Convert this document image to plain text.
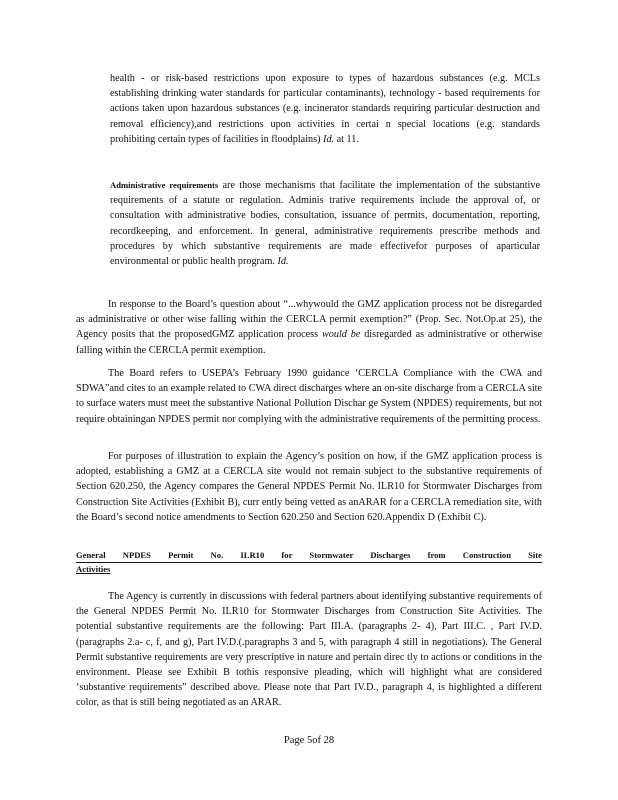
health - or risk-based restrictions upon exposure to types of hazardous substances (e.g. MCLs establishing drinking water standards for particular contaminants), technology - based requirements for actions taken upon hazardous substances (e.g. incinerator standards requiring particular destruction and removal efficiency),and restrictions upon activities in certai n special locations (e.g. standards prohibiting certain types of facilities in floodplains) Id. at 11.
Administrative requirements are those mechanisms that facilitate the implementation of the substantive requirements of a statute or regulation. Adminis trative requirements include the approval of, or consultation with administrative bodies, consultation, issuance of permits, documentation, reporting, recordkeeping, and enforcement. In general, administrative requirements prescribe methods and procedures by which substantive requirements are made effectivefor purposes of aparticular environmental or public health program. Id.
In response to the Board’s question about “...whywould the GMZ application process not be disregarded as administrative or other wise falling within the CERCLA permit exemption?” (Prop. Sec. Not.Op.at 25), the Agency posits that the proposedGMZ application process would be disregarded as administrative or otherwise falling within the CERCLA permit exemption.
The Board refers to USEPA’s February 1990 guidance ‘CERCLA Compliance with the CWA and SDWA”and cites to an example related to CWA direct discharges where an on-site discharge from a CERCLA site to surface waters must meet the substantive National Pollution Dischar ge System (NPDES) requirements, but not require obtainingan NPDES permit nor complying with the administrative requirements of the permitting process.
For purposes of illustration to explain the Agency’s position on how, if the GMZ application process is adopted, establishing a GMZ at a CERCLA site would not remain subject to the substantive requirements of Section 620.250, the Agency compares the General NPDES Permit No. ILR10 for Stormwater Discharges from Construction Site Activities (Exhibit B), curr ently being vetted as anARAR for a CERCLA remediation site, with the Board’s second notice amendments to Section 620.250 and Section 620.Appendix D (Exhibit C).
General NPDES Permit No. ILR10 for Stormwater Discharges from Construction Site
Activities
The Agency is currently in discussions with federal partners about identifying substantive requirements of the General NPDES Permit No. ILR10 for Stormwater Discharges from Construction Site Activities. The potential substantive requirements are the following: Part III.A. (paragraphs 2- 4), Part III.C. , Part IV.D. (paragraphs 2.a- c, f, and g), Part IV.D.(.paragraphs 3 and 5, with paragraph 4 still in negotiations). The General Permit substantive requirements are very prescriptive in nature and pertain direc tly to actions or conditions in the environment. Please see Exhibit B tothis responsive pleading, which will highlight what are considered ‘substantive requirements” described above. Please note that Part IV.D., paragraph 4, is highlighted a different color, as that is still being negotiated as an ARAR.
Page 5of 28
